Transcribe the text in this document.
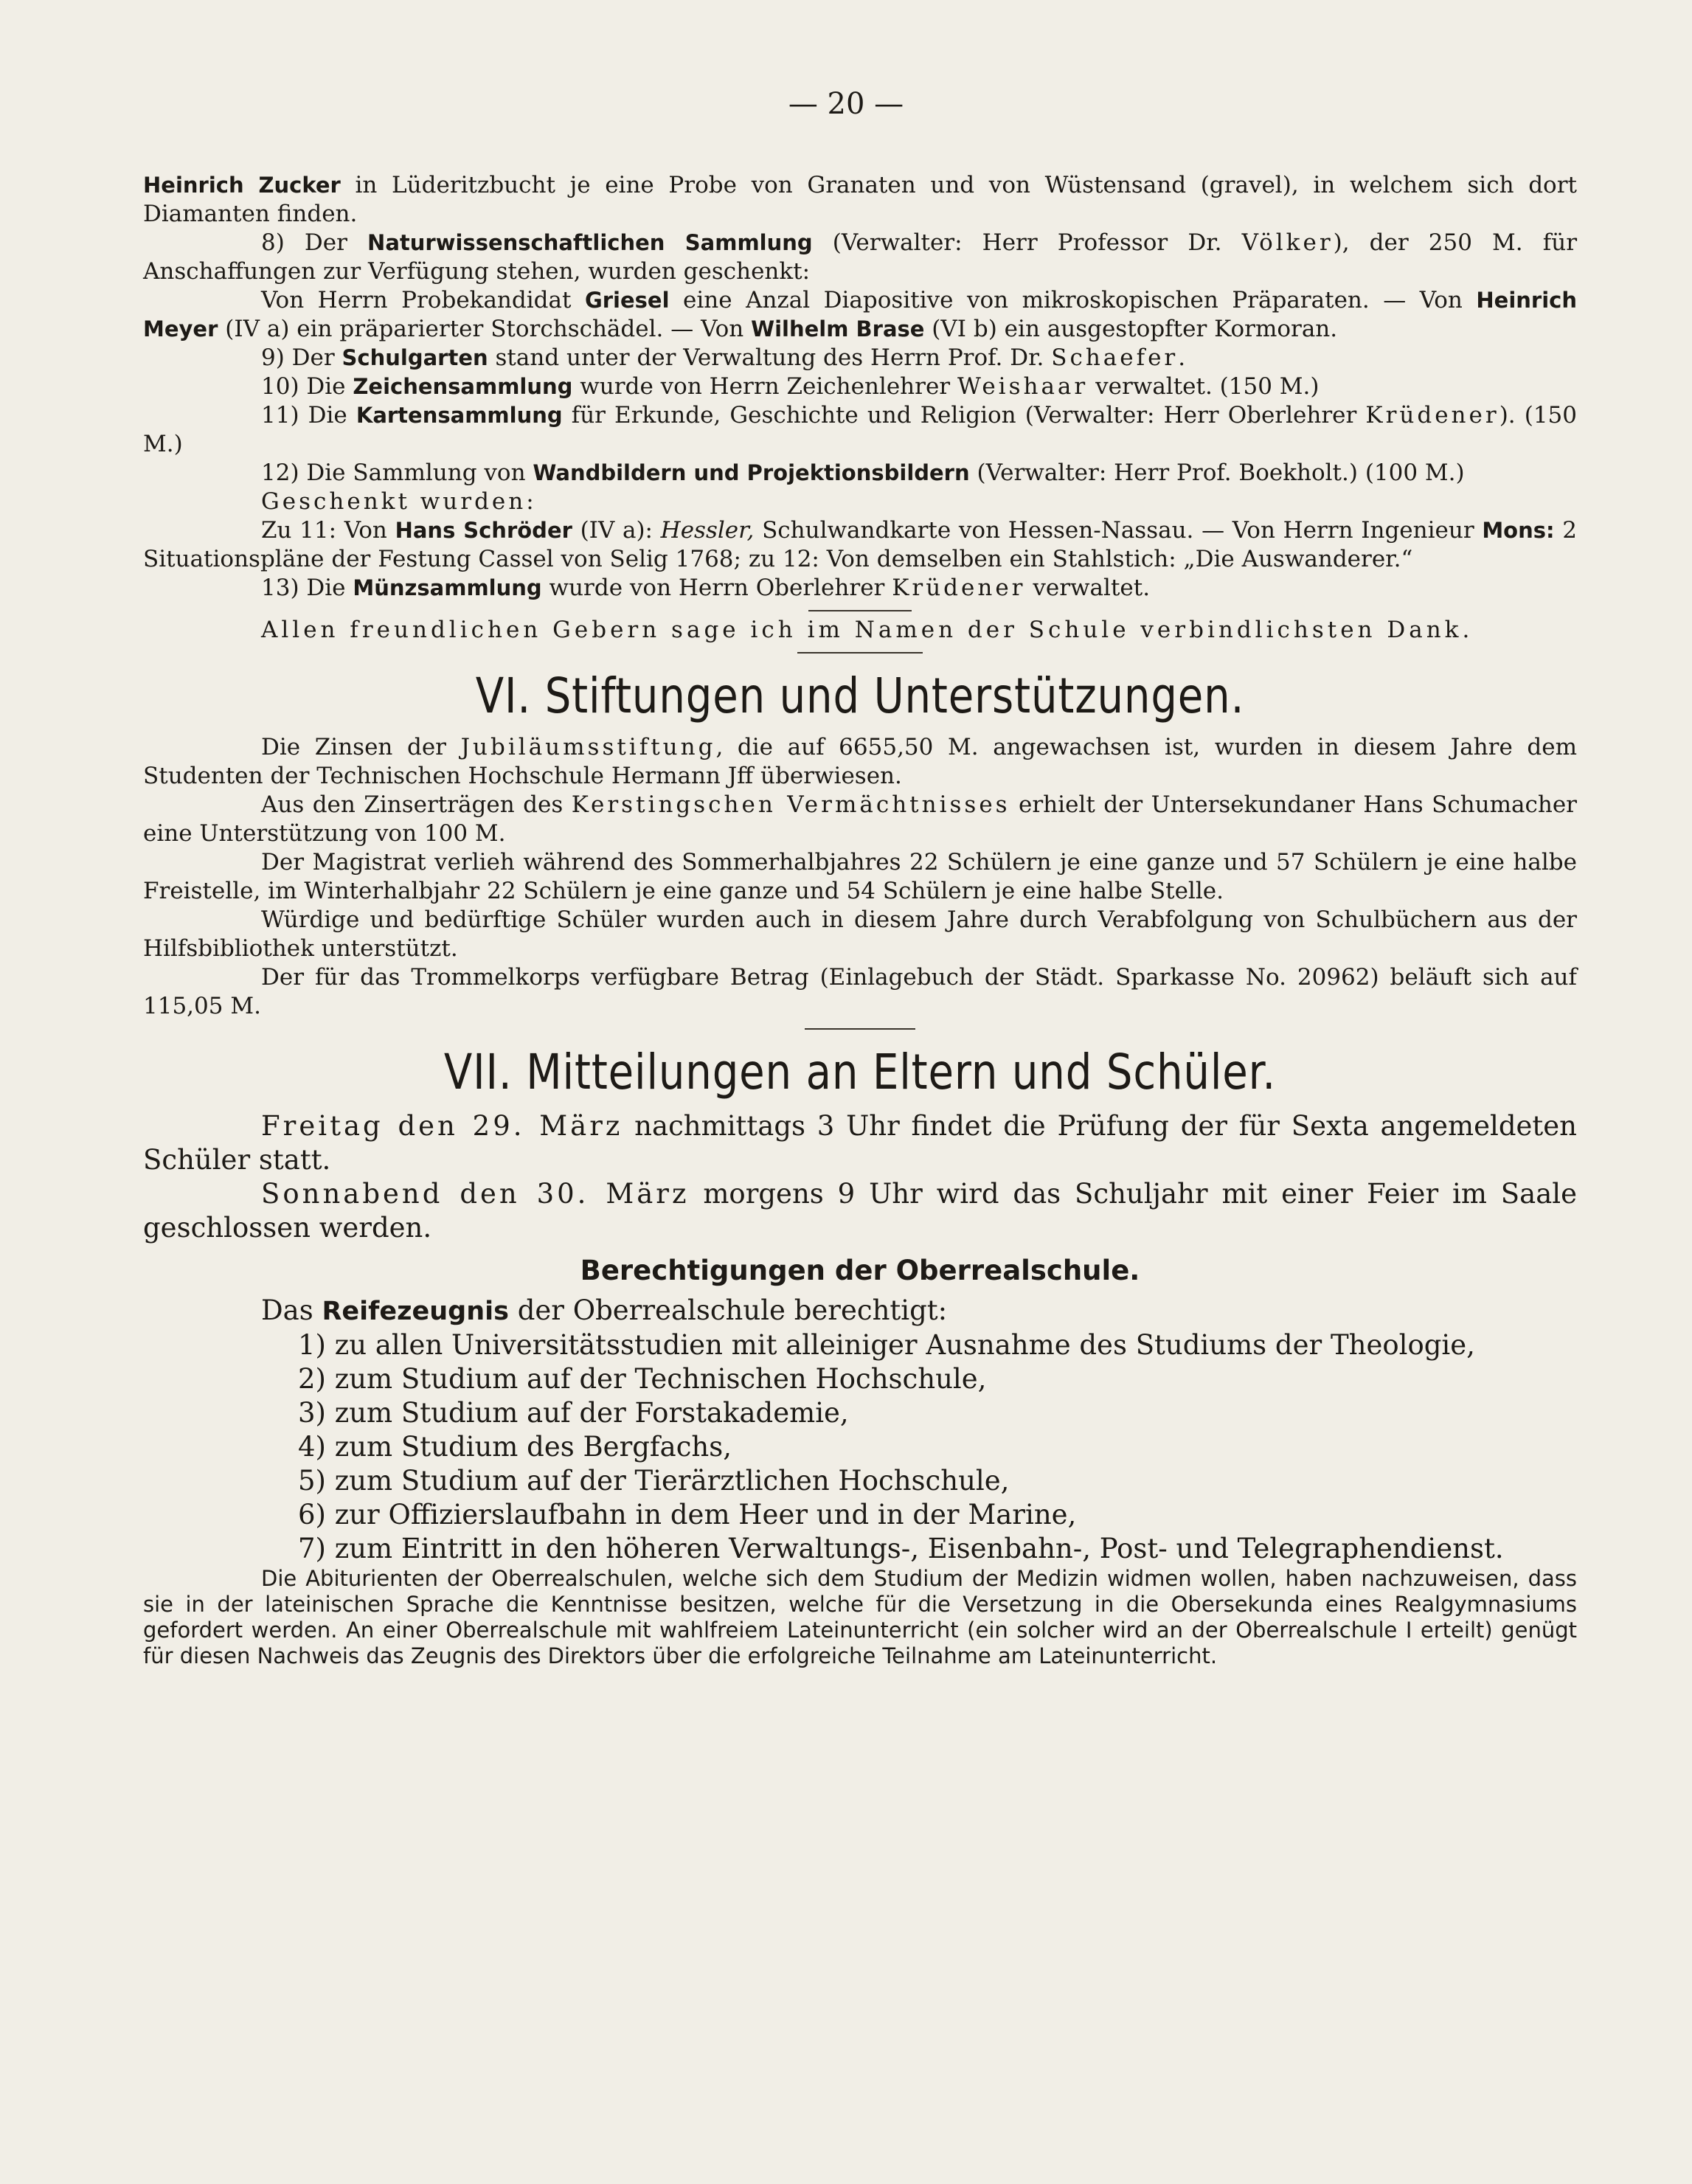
— 20 —

Heinrich Zucker in Lüderitzbucht je eine Probe von Granaten und von Wüstensand (gravel), in welchem sich dort Diamanten finden.

8) Der Naturwissenschaftlichen Sammlung (Verwalter: Herr Professor Dr. Völker), der 250 M. für Anschaffungen zur Verfügung stehen, wurden geschenkt:

Von Herrn Probekandidat Griesel eine Anzal Diapositive von mikroskopischen Präparaten. — Von Heinrich Meyer (IV a) ein präparierter Storchschädel. — Von Wilhelm Brase (VI b) ein ausgestopfter Kormoran.

9) Der Schulgarten stand unter der Verwaltung des Herrn Prof. Dr. Schaefer.

10) Die Zeichensammlung wurde von Herrn Zeichenlehrer Weishaar verwaltet. (150 M.)

11) Die Kartensammlung für Erkunde, Geschichte und Religion (Verwalter: Herr Oberlehrer Krüdener). (150 M.)

12) Die Sammlung von Wandbildern und Projektionsbildern (Verwalter: Herr Prof. Boekholt.) (100 M.)

Geschenkt wurden:

Zu 11: Von Hans Schröder (IV a): Hessler, Schulwandkarte von Hessen-Nassau. — Von Herrn Ingenieur Mons: 2 Situationspläne der Festung Cassel von Selig 1768; zu 12: Von demselben ein Stahlstich: „Die Auswanderer.“

13) Die Münzsammlung wurde von Herrn Oberlehrer Krüdener verwaltet.

Allen freundlichen Gebern sage ich im Namen der Schule verbindlichsten Dank.

VI. Stiftungen und Unterstützungen.

Die Zinsen der Jubiläumsstiftung, die auf 6655,50 M. angewachsen ist, wurden in diesem Jahre dem Studenten der Technischen Hochschule Hermann Jff überwiesen.

Aus den Zinserträgen des Kerstingschen Vermächtnisses erhielt der Untersekundaner Hans Schumacher eine Unterstützung von 100 M.

Der Magistrat verlieh während des Sommerhalbjahres 22 Schülern je eine ganze und 57 Schülern je eine halbe Freistelle, im Winterhalbjahr 22 Schülern je eine ganze und 54 Schülern je eine halbe Stelle.

Würdige und bedürftige Schüler wurden auch in diesem Jahre durch Verabfolgung von Schulbüchern aus der Hilfsbibliothek unterstützt.

Der für das Trommelkorps verfügbare Betrag (Einlagebuch der Städt. Sparkasse No. 20962) beläuft sich auf 115,05 M.

VII. Mitteilungen an Eltern und Schüler.

Freitag den 29. März nachmittags 3 Uhr findet die Prüfung der für Sexta angemeldeten Schüler statt.

Sonnabend den 30. März morgens 9 Uhr wird das Schuljahr mit einer Feier im Saale geschlossen werden.

Berechtigungen der Oberrealschule.

Das Reifezeugnis der Oberrealschule berechtigt:

1) zu allen Universitätsstudien mit alleiniger Ausnahme des Studiums der Theologie,
2) zum Studium auf der Technischen Hochschule,
3) zum Studium auf der Forstakademie,
4) zum Studium des Bergfachs,
5) zum Studium auf der Tierärztlichen Hochschule,
6) zur Offizierslaufbahn in dem Heer und in der Marine,
7) zum Eintritt in den höheren Verwaltungs-, Eisenbahn-, Post- und Telegraphendienst.

Die Abiturienten der Oberrealschulen, welche sich dem Studium der Medizin widmen wollen, haben nachzuweisen, dass sie in der lateinischen Sprache die Kenntnisse besitzen, welche für die Versetzung in die Obersekunda eines Realgymnasiums gefordert werden. An einer Oberrealschule mit wahlfreiem Lateinunterricht (ein solcher wird an der Oberrealschule I erteilt) genügt für diesen Nachweis das Zeugnis des Direktors über die erfolgreiche Teilnahme am Lateinunterricht.
